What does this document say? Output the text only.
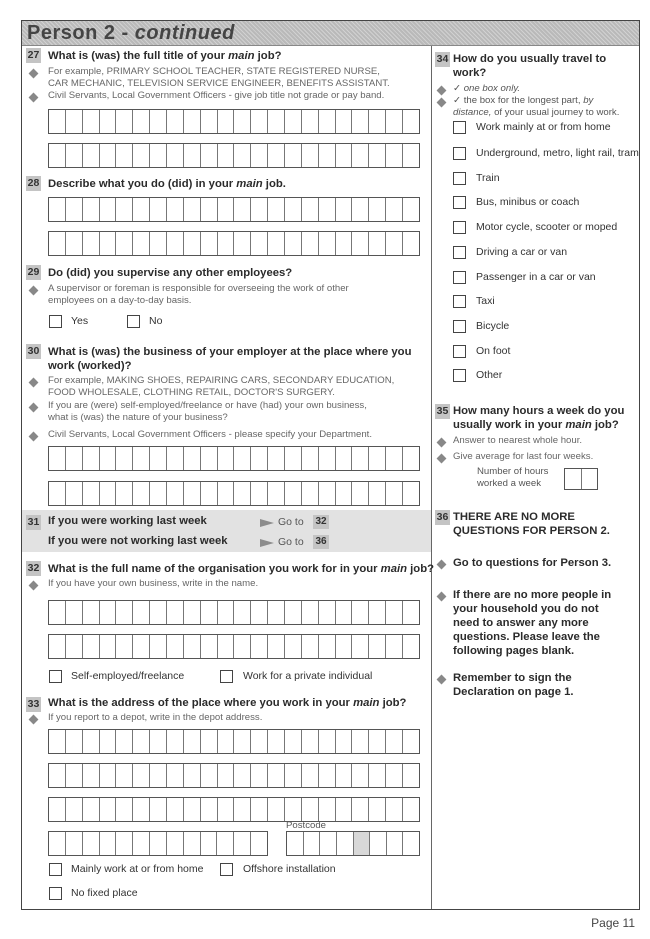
Person 2 - continued
27 What is (was) the full title of your main job?
For example, PRIMARY SCHOOL TEACHER, STATE REGISTERED NURSE,
CAR MECHANIC, TELEVISION SERVICE ENGINEER, BENEFITS ASSISTANT.
Civil Servants, Local Government Officers - give job title not grade or pay band.
28 Describe what you do (did) in your main job.
29 Do (did) you supervise any other employees?
A supervisor or foreman is responsible for overseeing the work of other
employees on a day-to-day basis.
Yes	No
30 What is (was) the business of your employer at the place where you
work (worked)?
For example, MAKING SHOES, REPAIRING CARS, SECONDARY EDUCATION,
FOOD WHOLESALE, CLOTHING RETAIL, DOCTOR'S SURGERY.
If you are (were) self-employed/freelance or have (had) your own business,
what is (was) the nature of your business?
Civil Servants, Local Government Officers - please specify your Department.
31 If you were working last week	Go to 32
If you were not working last week	Go to 36
32 What is the full name of the organisation you work for in your main job?
If you have your own business, write in the name.
Self-employed/freelance	Work for a private individual
33 What is the address of the place where you work in your main job?
If you report to a depot, write in the depot address.
Postcode
Mainly work at or from home	Offshore installation
No fixed place
34 How do you usually travel to
work?
✓ one box only.
✓ the box for the longest part, by
distance, of your usual journey to work.
Work mainly at or from home
Underground, metro, light rail, tram
Train
Bus, minibus or coach
Motor cycle, scooter or moped
Driving a car or van
Passenger in a car or van
Taxi
Bicycle
On foot
Other
35 How many hours a week do you
usually work in your main job?
Answer to nearest whole hour.
Give average for last four weeks.
Number of hours
worked a week
36 THERE ARE NO MORE
QUESTIONS FOR PERSON 2.
Go to questions for Person 3.
If there are no more people in
your household you do not
need to answer any more
questions. Please leave the
following pages blank.
Remember to sign the
Declaration on page 1.
Page 11
